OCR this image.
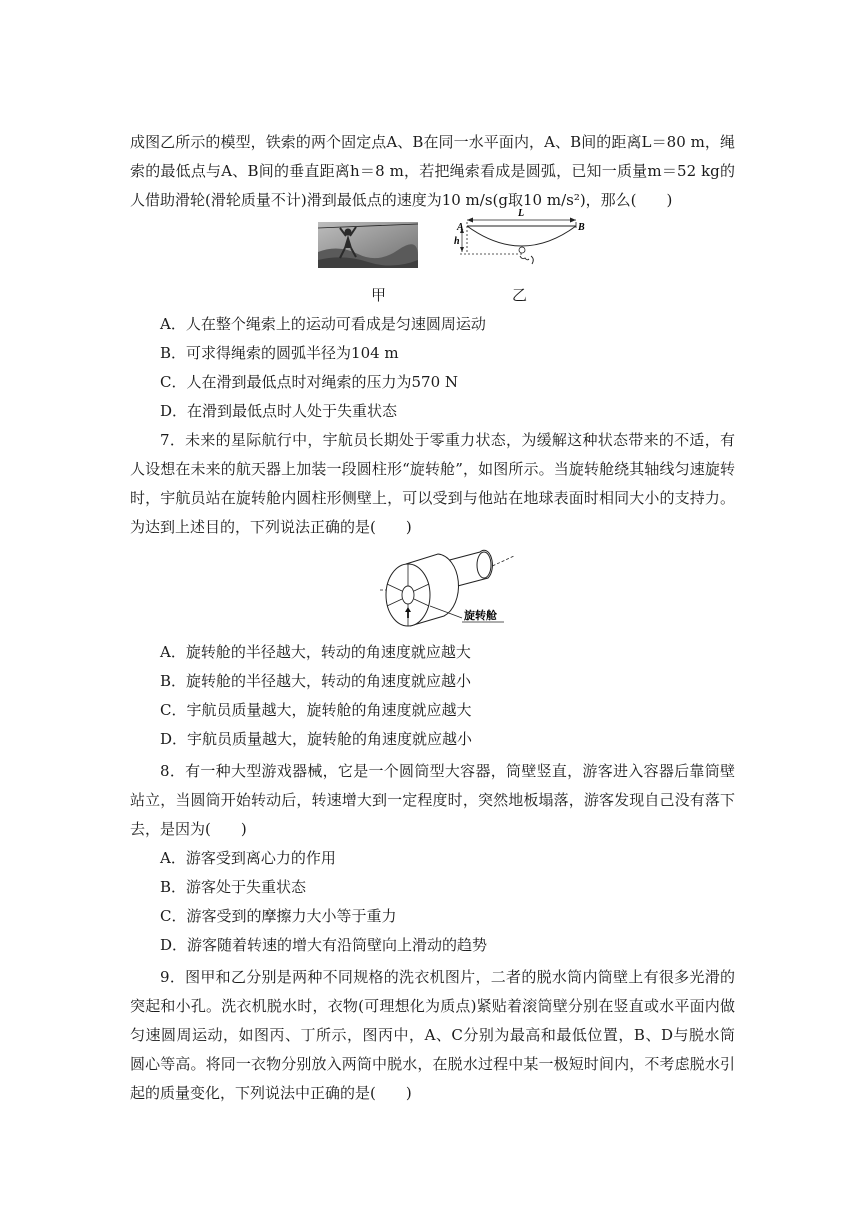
成图乙所示的模型，铁索的两个固定点A、B在同一水平面内，A、B间的距离L＝80 m，绳
索的最低点与A、B间的垂直距离h＝8 m，若把绳索看成是圆弧，已知一质量m＝52 kg的
人借助滑轮(滑轮质量不计)滑到最低点的速度为10 m/s(g取10 m/s²)，那么(　　)
A	B
L
h
甲	乙
A．人在整个绳索上的运动可看成是匀速圆周运动
B．可求得绳索的圆弧半径为104 m
C．人在滑到最低点时对绳索的压力为570 N
D．在滑到最低点时人处于失重状态
7．未来的星际航行中，宇航员长期处于零重力状态，为缓解这种状态带来的不适，有
人设想在未来的航天器上加装一段圆柱形“旋转舱”，如图所示。当旋转舱绕其轴线匀速旋转
时，宇航员站在旋转舱内圆柱形侧壁上，可以受到与他站在地球表面时相同大小的支持力。
为达到上述目的，下列说法正确的是(　　)
旋转舱
A．旋转舱的半径越大，转动的角速度就应越大
B．旋转舱的半径越大，转动的角速度就应越小
C．宇航员质量越大，旋转舱的角速度就应越大
D．宇航员质量越大，旋转舱的角速度就应越小
8．有一种大型游戏器械，它是一个圆筒型大容器，筒壁竖直，游客进入容器后靠筒壁
站立，当圆筒开始转动后，转速增大到一定程度时，突然地板塌落，游客发现自己没有落下
去，是因为(　　)
A．游客受到离心力的作用
B．游客处于失重状态
C．游客受到的摩擦力大小等于重力
D．游客随着转速的增大有沿筒壁向上滑动的趋势
9．图甲和乙分别是两种不同规格的洗衣机图片，二者的脱水筒内筒壁上有很多光滑的
突起和小孔。洗衣机脱水时，衣物(可理想化为质点)紧贴着滚筒壁分别在竖直或水平面内做
匀速圆周运动，如图丙、丁所示，图丙中，A、C分别为最高和最低位置，B、D与脱水筒
圆心等高。将同一衣物分别放入两筒中脱水，在脱水过程中某一极短时间内，不考虑脱水引
起的质量变化，下列说法中正确的是(　　)
